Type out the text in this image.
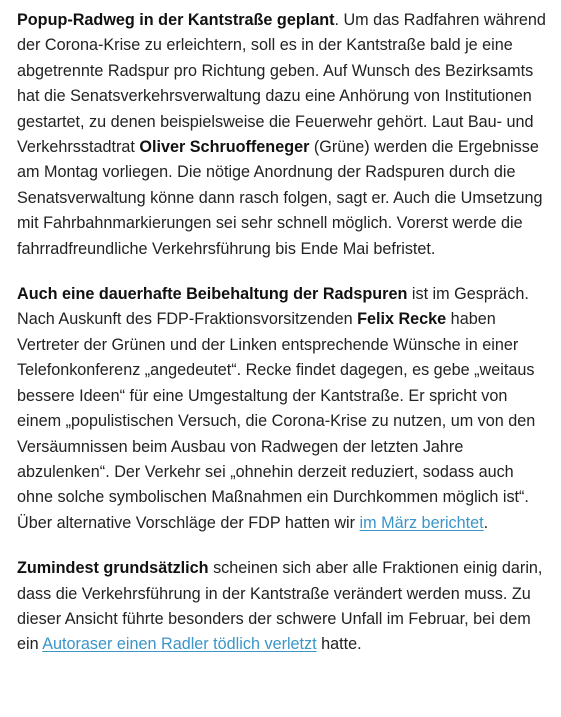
Popup-Radweg in der Kantstraße geplant. Um das Radfahren während der Corona-Krise zu erleichtern, soll es in der Kantstraße bald je eine abgetrennte Radspur pro Richtung geben. Auf Wunsch des Bezirksamts hat die Senatsverkehrsverwaltung dazu eine Anhörung von Institutionen gestartet, zu denen beispielsweise die Feuerwehr gehört. Laut Bau- und Verkehrsstadtrat Oliver Schruoffeneger (Grüne) werden die Ergebnisse am Montag vorliegen. Die nötige Anordnung der Radspuren durch die Senatsverwaltung könne dann rasch folgen, sagt er. Auch die Umsetzung mit Fahrbahnmarkierungen sei sehr schnell möglich. Vorerst werde die fahrradfreundliche Verkehrsführung bis Ende Mai befristet.

Auch eine dauerhafte Beibehaltung der Radspuren ist im Gespräch. Nach Auskunft des FDP-Fraktionsvorsitzenden Felix Recke haben Vertreter der Grünen und der Linken entsprechende Wünsche in einer Telefonkonferenz „angedeutet“. Recke findet dagegen, es gebe „weitaus bessere Ideen“ für eine Umgestaltung der Kantstraße. Er spricht von einem „populistischen Versuch, die Corona-Krise zu nutzen, um von den Versäumnissen beim Ausbau von Radwegen der letzten Jahre abzulenken“. Der Verkehr sei „ohnehin derzeit reduziert, sodass auch ohne solche symbolischen Maßnahmen ein Durchkommen möglich ist“. Über alternative Vorschläge der FDP hatten wir im März berichtet.

Zumindest grundsätzlich scheinen sich aber alle Fraktionen einig darin, dass die Verkehrsführung in der Kantstraße verändert werden muss. Zu dieser Ansicht führte besonders der schwere Unfall im Februar, bei dem ein Autoraser einen Radler tödlich verletzt hatte.
